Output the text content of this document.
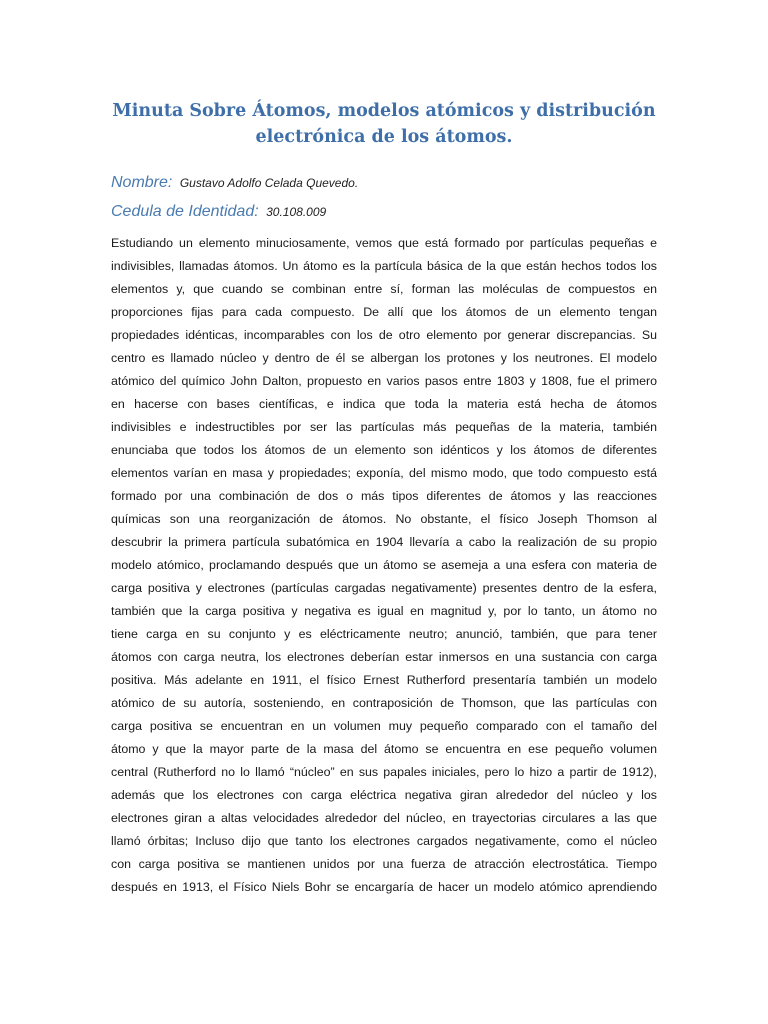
Minuta Sobre Átomos, modelos atómicos y distribución
electrónica de los átomos.

Nombre: Gustavo Adolfo Celada Quevedo.

Cedula de Identidad: 30.108.009

Estudiando un elemento minuciosamente, vemos que está formado por partículas pequeñas e
indivisibles, llamadas átomos. Un átomo es la partícula básica de la que están hechos todos los
elementos y, que cuando se combinan entre sí, forman las moléculas de compuestos en
proporciones fijas para cada compuesto. De allí que los átomos de un elemento tengan
propiedades idénticas, incomparables con los de otro elemento por generar discrepancias. Su
centro es llamado núcleo y dentro de él se albergan los protones y los neutrones. El modelo
atómico del químico John Dalton, propuesto en varios pasos entre 1803 y 1808, fue el primero
en hacerse con bases científicas, e indica que toda la materia está hecha de átomos
indivisibles e indestructibles por ser las partículas más pequeñas de la materia, también
enunciaba que todos los átomos de un elemento son idénticos y los átomos de diferentes
elementos varían en masa y propiedades; exponía, del mismo modo, que todo compuesto está
formado por una combinación de dos o más tipos diferentes de átomos y las reacciones
químicas son una reorganización de átomos. No obstante, el físico Joseph Thomson al
descubrir la primera partícula subatómica en 1904 llevaría a cabo la realización de su propio
modelo atómico, proclamando después que un átomo se asemeja a una esfera con materia de
carga positiva y electrones (partículas cargadas negativamente) presentes dentro de la esfera,
también que la carga positiva y negativa es igual en magnitud y, por lo tanto, un átomo no
tiene carga en su conjunto y es eléctricamente neutro; anunció, también, que para tener
átomos con carga neutra, los electrones deberían estar inmersos en una sustancia con carga
positiva. Más adelante en 1911, el físico Ernest Rutherford presentaría también un modelo
atómico de su autoría, sosteniendo, en contraposición de Thomson, que las partículas con
carga positiva se encuentran en un volumen muy pequeño comparado con el tamaño del
átomo y que la mayor parte de la masa del átomo se encuentra en ese pequeño volumen
central (Rutherford no lo llamó “núcleo” en sus papales iniciales, pero lo hizo a partir de 1912),
además que los electrones con carga eléctrica negativa giran alrededor del núcleo y los
electrones giran a altas velocidades alrededor del núcleo, en trayectorias circulares a las que
llamó órbitas; Incluso dijo que tanto los electrones cargados negativamente, como el núcleo
con carga positiva se mantienen unidos por una fuerza de atracción electrostática. Tiempo
después en 1913, el Físico Niels Bohr se encargaría de hacer un modelo atómico aprendiendo
